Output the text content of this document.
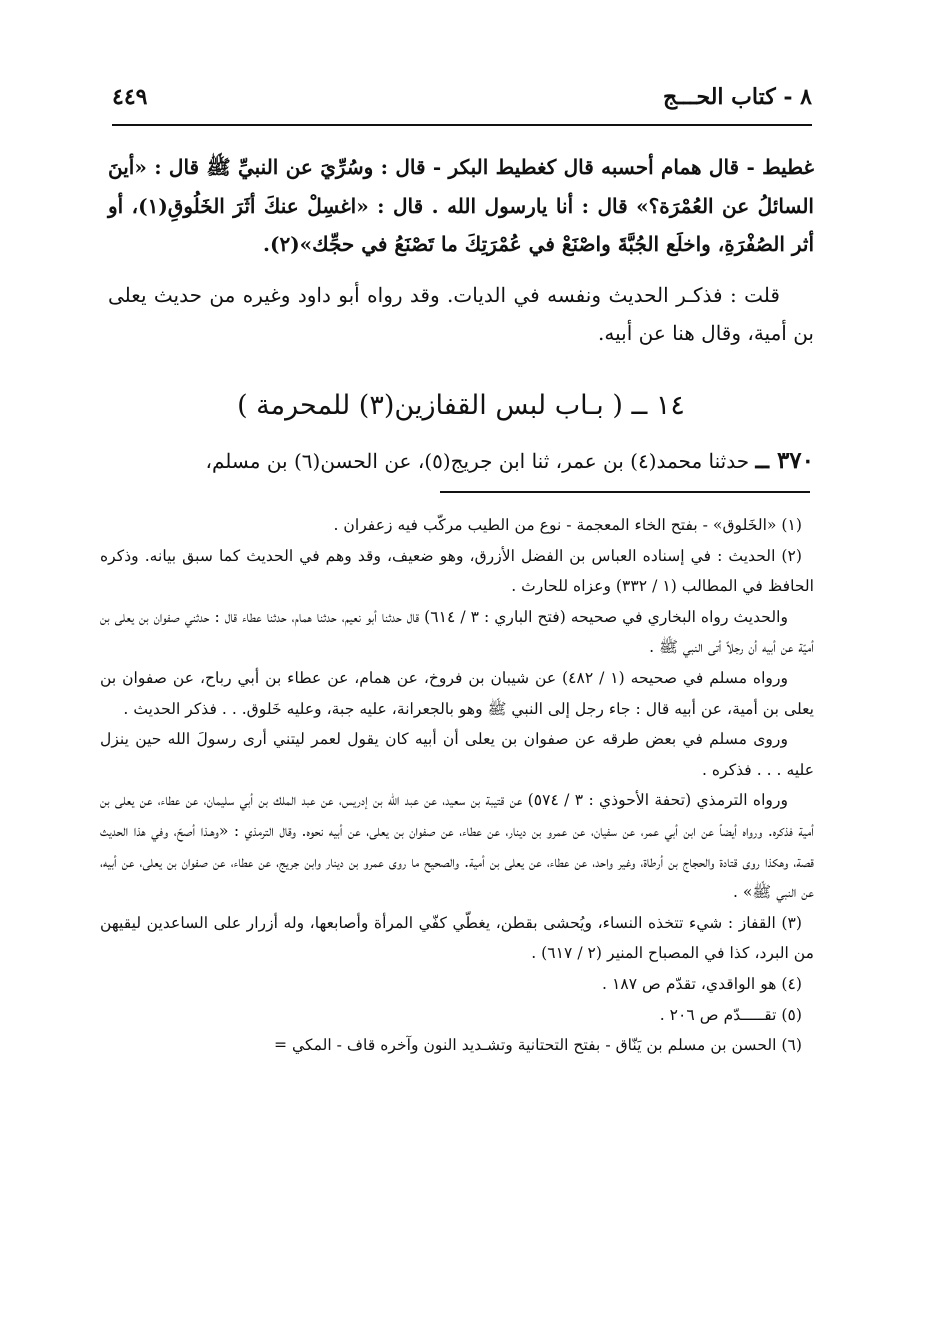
٨ - كتاب الحـــج
٤٤٩

غطيط - قال همام أحسبه قال كغطيط البكر - قال : وسُرِّيَ عن النبيِّ ﷺ قال : «أينَ السائلُ عن العُمْرَة؟» قال : أنا يارسول الله . قال : «اغسِلْ عنكَ أثَرَ الخَلُوقِ(١)، أو أثر الصُفْرَةِ، واخلَع الجُبَّةَ واصْنَعْ في عُمْرَتِكَ ما تَصْنَعُ في حجِّك»(٢).

قلت : فذكـر الحديث ونفسه في الديات. وقد رواه أبو داود وغيره من حديث يعلى بن أمية، وقال هنا عن أبيه.

١٤ ــ ( بـاب لبس القفازين(٣) للمحرمة )
٣٧٠ ــ حدثنا محمد(٤) بن عمر، ثنا ابن جريج(٥)، عن الحسن(٦) بن مسلم،

(١) «الخَلوق» - بفتح الخاء المعجمة - نوع من الطيب مركّب فيه زعفران .

(٢) الحديث : في إسناده العباس بن الفضل الأزرق، وهو ضعيف، وقد وهم في الحديث كما سبق بيانه. وذكره الحافظ في المطالب (١ / ٣٣٢) وعزاه للحارث .

والحديث رواه البخاري في صحيحه (فتح الباري : ٣ / ٦١٤) قال حدثنا أبو نعيم، حدثنا همام، حدثنا عطاء قال : حدثني صفوان بن يعلى بن أميّة عن أبيه أن رجلاً أتى النبي ﷺ .

ورواه مسلم في صحيحه (١ / ٤٨٢) عن شيبان بن فروخ، عن همام، عن عطاء بن أبي رباح، عن صفوان بن يعلى بن أمية، عن أبيه قال : جاء رجل إلى النبي ﷺ وهو بالجعرانة، عليه جبة، وعليه خَلوق. . . فذكر الحديث .

وروى مسلم في بعض طرقه عن صفوان بن يعلى أن أبيه كان يقول لعمر ليتني أرى رسولَ الله حين ينزل عليه . . . فذكره .

ورواه الترمذي (تحفة الأحوذي : ٣ / ٥٧٤) عن قتيبة بن سعيد، عن عبد الله بن إدريس، عن عبد الملك بن أبي سليمان، عن عطاء، عن يعلى بن أمية فذكره. ورواه أيضاً عن ابن أبي عمر، عن سفيان، عن عمرو بن دينار، عن عطاء، عن صفوان بن يعلى، عن أبيه نحوه. وقال الترمذي : «وهـذا أصحّ، وفي هذا الحديث قصة، وهكذا روى قتادة والحجاج بن أرطاة، وغير واحد، عن عطاء، عن يعلى بن أمية. والصحيح ما روى عمرو بن دينار وابن جريج، عن عطاء، عن صفوان بن يعلى، عن أبيه، عن النبي ﷺ» .

(٣) القفاز : شيء تتخذه النساء، ويُحشى بقطن، يغطّي كفّي المرأة وأصابعها، وله أزرار على الساعدين ليقيهن من البرد، كذا في المصباح المنير (٢ / ٦١٧) .

(٤) هو الواقدي، تقدّم ص ١٨٧ .

(٥) تقـــــدّم ص ٢٠٦ .

(٦) الحسن بن مسلم بن يَنّاق - بفتح التحتانية وتشـديد النون وآخره قاف - المكي =
